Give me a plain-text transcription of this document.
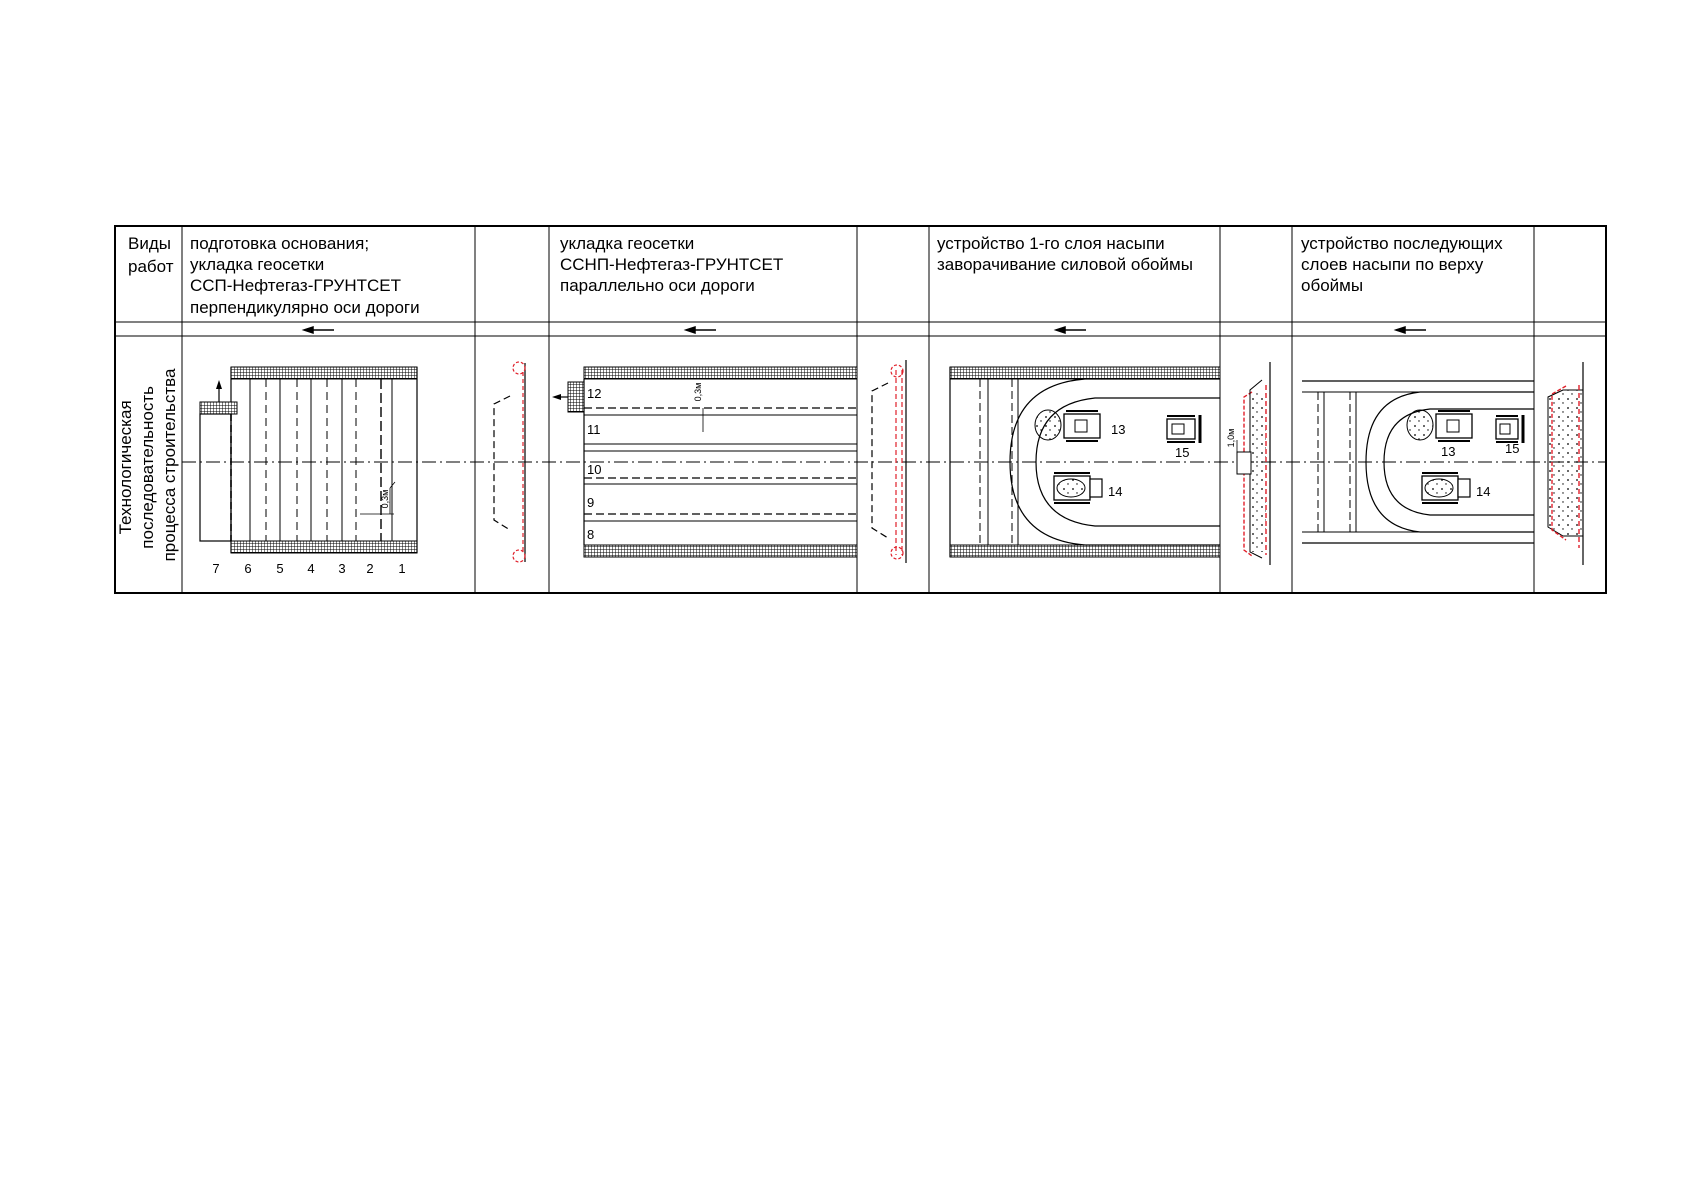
Виды работ
подготовка основания; укладка геосетки ССП-Нефтегаз-ГРУНТСЕТ перпендикулярно оси дороги
укладка геосетки ССНП-Нефтегаз-ГРУНТСЕТ параллельно оси дороги
устройство 1-го слоя насыпи заворачивание силовой обоймы
устройство последующих слоев насыпи по верху обоймы
Технологическая последовательность процесса строительства	0,3м
7 6 5 4 3 2 1
0,3м
12
11
10
9
8
13
14
15
1,0м
13
14
15
